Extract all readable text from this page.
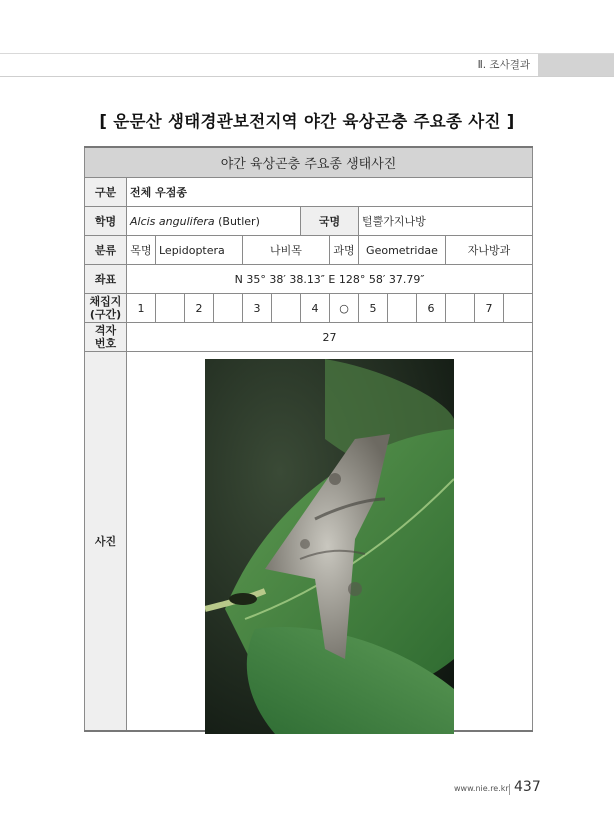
Ⅱ. 조사결과
[ 운문산 생태경관보전지역 야간 육상곤충 주요종 사진 ]
야간 육상곤충 주요종 생태사진														
구분	전체 우점종													
학명	Alcis angulifera (Butler)						국명		털뿔가지나방					
분류	목명	Lepidoptera			나비목			과명	Geometridae			자나방과		
좌표	N 35° 38′ 38.13″ E 128° 58′ 37.79″													
채집지
(구간)	1		2		3		4	○	5		6		7	
격자
번호	27													
사진														
www.nie.re.kr 437
